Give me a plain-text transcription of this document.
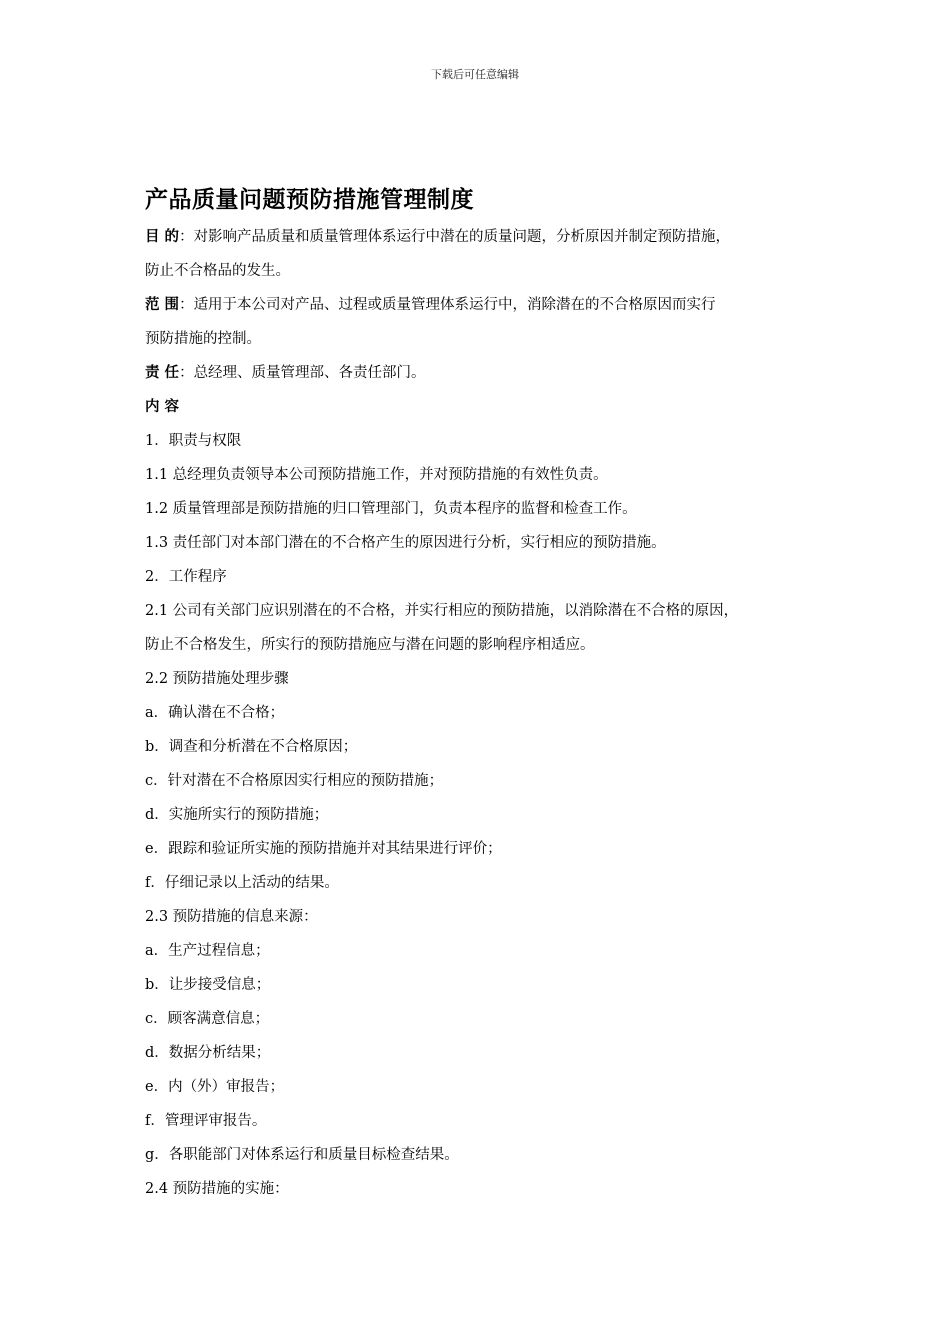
下载后可任意编辑
产品质量问题预防措施管理制度
目 的：对影响产品质量和质量管理体系运行中潜在的质量问题，分析原因并制定预防措施，
防止不合格品的发生。
范 围：适用于本公司对产品、过程或质量管理体系运行中，消除潜在的不合格原因而实行
预防措施的控制。
责 任：总经理、质量管理部、各责任部门。
内 容
1．职责与权限
1.1 总经理负责领导本公司预防措施工作，并对预防措施的有效性负责。
1.2 质量管理部是预防措施的归口管理部门，负责本程序的监督和检查工作。
1.3 责任部门对本部门潜在的不合格产生的原因进行分析，实行相应的预防措施。
2．工作程序
2.1 公司有关部门应识别潜在的不合格，并实行相应的预防措施，以消除潜在不合格的原因，
防止不合格发生，所实行的预防措施应与潜在问题的影响程序相适应。
2.2 预防措施处理步骤
a．确认潜在不合格；
b．调查和分析潜在不合格原因；
c．针对潜在不合格原因实行相应的预防措施；
d．实施所实行的预防措施；
e．跟踪和验证所实施的预防措施并对其结果进行评价；
f．仔细记录以上活动的结果。
2.3 预防措施的信息来源：
a．生产过程信息；
b．让步接受信息；
c．顾客满意信息；
d．数据分析结果；
e．内（外）审报告；
f．管理评审报告。
g．各职能部门对体系运行和质量目标检查结果。
2.4 预防措施的实施：
